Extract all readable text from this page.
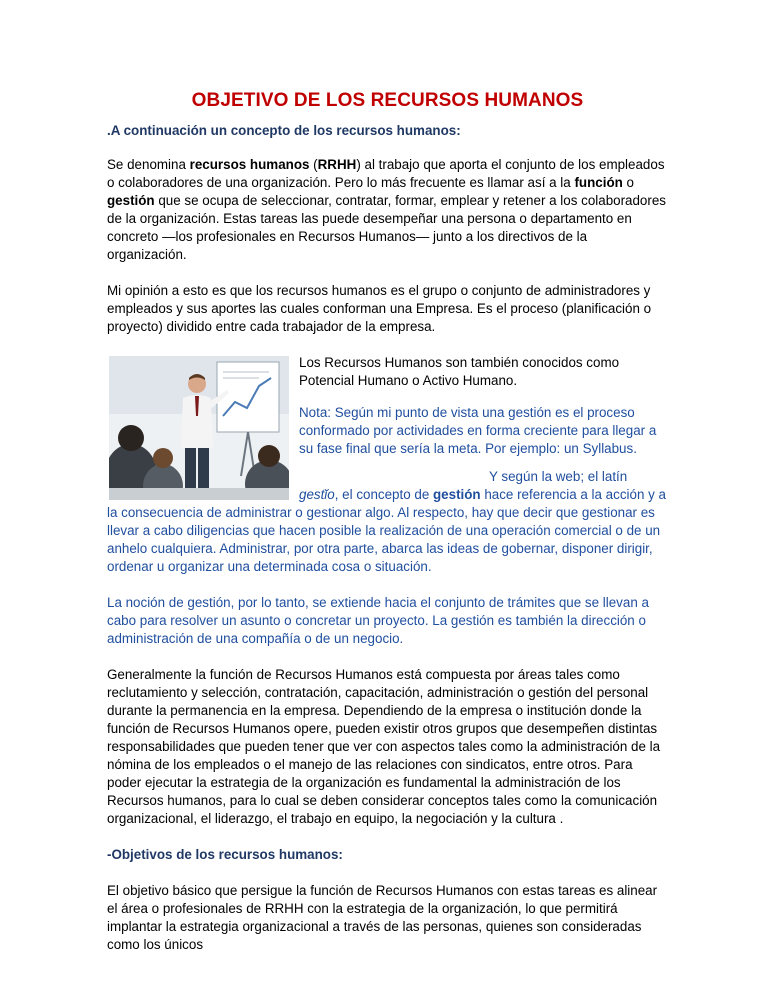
OBJETIVO DE LOS RECURSOS HUMANOS
.A continuación un concepto de los recursos humanos:

Se denomina recursos humanos (RRHH) al trabajo que aporta el conjunto de los empleados o colaboradores de una organización. Pero lo más frecuente es llamar así a la función o gestión que se ocupa de seleccionar, contratar, formar, emplear y retener a los colaboradores de la organización. Estas tareas las puede desempeñar una persona o departamento en concreto —los profesionales en Recursos Humanos— junto a los directivos de la organización.

Mi opinión a esto es que los recursos humanos es el grupo o conjunto de administradores y empleados y sus aportes las cuales conforman una Empresa. Es el proceso (planificación o proyecto) dividido entre cada trabajador de la empresa.

Los Recursos Humanos son también conocidos como Potencial Humano o Activo Humano.

Nota: Según mi punto de vista una gestión es el proceso conformado por actividades en forma creciente para llegar a su fase final que sería la meta. Por ejemplo: un Syllabus.

Y según la web; el latín gestĭo, el concepto de gestión hace referencia a la acción y a la consecuencia de administrar o gestionar algo. Al respecto, hay que decir que gestionar es llevar a cabo diligencias que hacen posible la realización de una operación comercial o de un anhelo cualquiera. Administrar, por otra parte, abarca las ideas de gobernar, disponer dirigir, ordenar u organizar una determinada cosa o situación.

La noción de gestión, por lo tanto, se extiende hacia el conjunto de trámites que se llevan a cabo para resolver un asunto o concretar un proyecto. La gestión es también la dirección o administración de una compañía o de un negocio.

Generalmente la función de Recursos Humanos está compuesta por áreas tales como reclutamiento y selección, contratación, capacitación, administración o gestión del personal durante la permanencia en la empresa. Dependiendo de la empresa o institución donde la función de Recursos Humanos opere, pueden existir otros grupos que desempeñen distintas responsabilidades que pueden tener que ver con aspectos tales como la administración de la nómina de los empleados o el manejo de las relaciones con sindicatos, entre otros. Para poder ejecutar la estrategia de la organización es fundamental la administración de los Recursos humanos, para lo cual se deben considerar conceptos tales como la comunicación organizacional, el liderazgo, el trabajo en equipo, la negociación y la cultura .

-Objetivos de los recursos humanos:

El objetivo básico que persigue la función de Recursos Humanos con estas tareas es alinear el área o profesionales de RRHH con la estrategia de la organización, lo que permitirá implantar la estrategia organizacional a través de las personas, quienes son consideradas como los únicos
